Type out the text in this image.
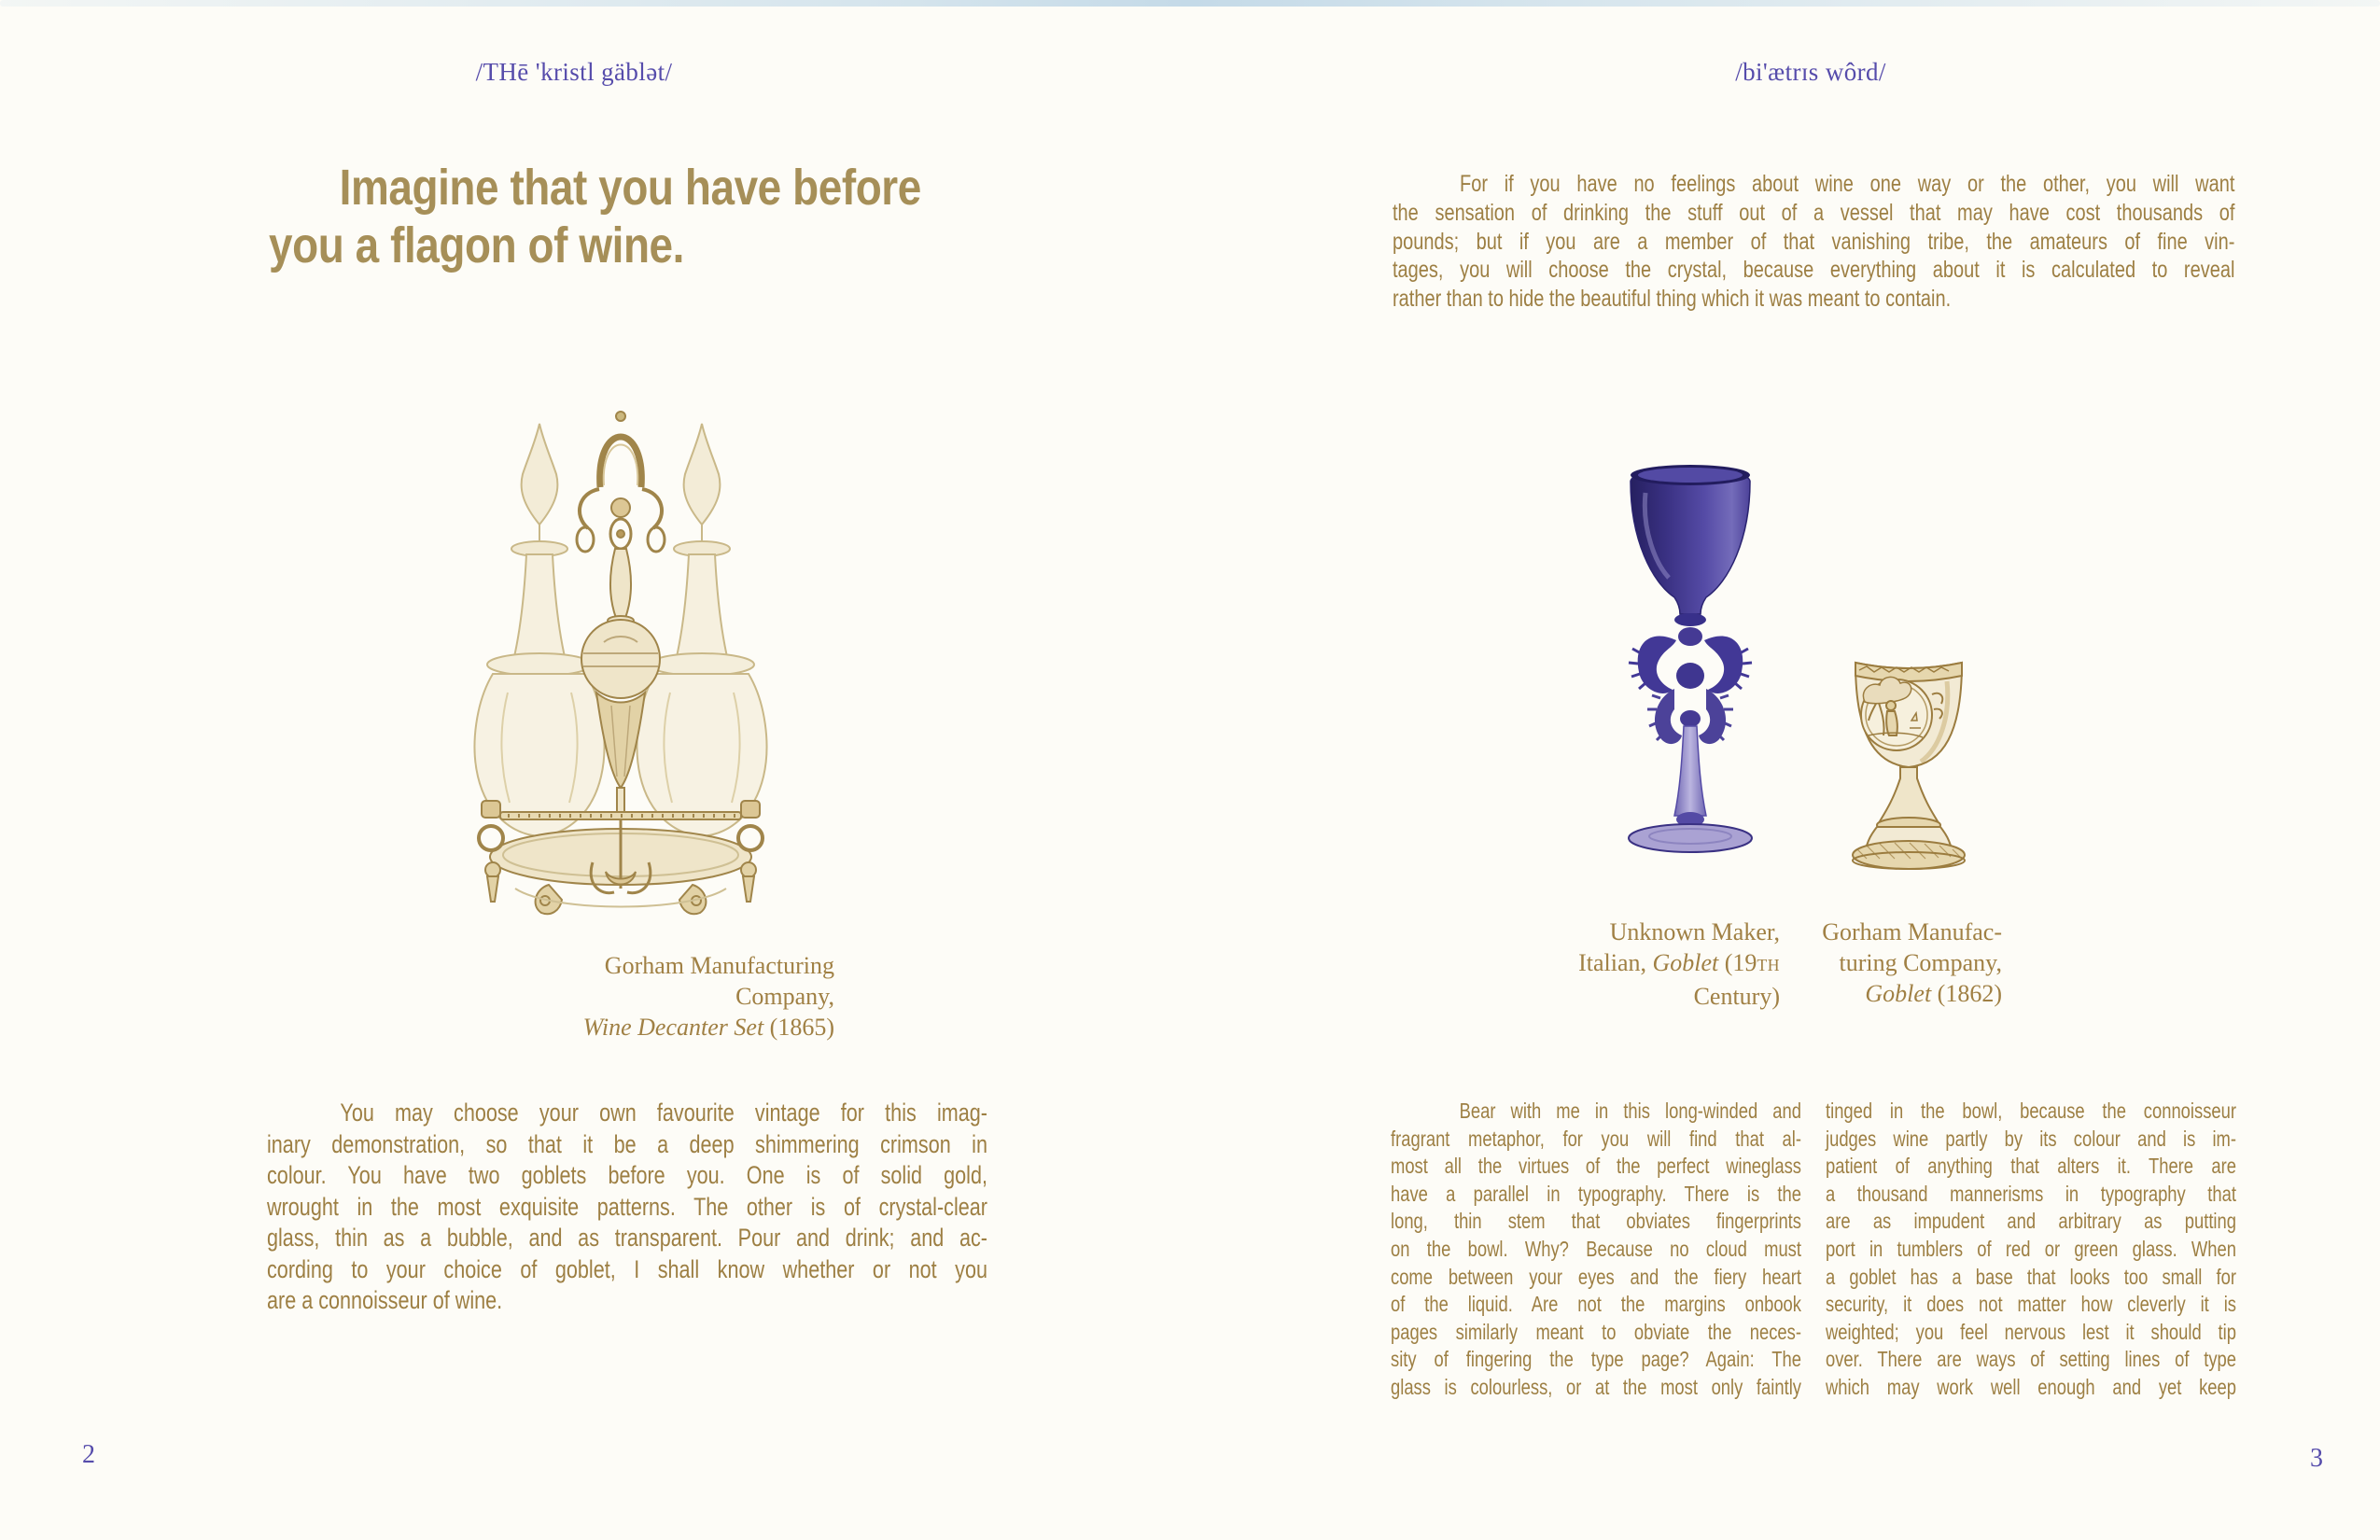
/THē 'kristl gäblət/
Imagine that you have before
you a flagon of wine.
Gorham Manufacturing Company,
Wine Decanter Set (1865)
You may choose your own favourite vintage for this imag-
inary demonstration, so that it be a deep shimmering crimson in
colour. You have two goblets before you. One is of solid gold,
wrought in the most exquisite patterns. The other is of crystal-clear
glass, thin as a bubble, and as transparent. Pour and drink; and ac-
cording to your choice of goblet, I shall know whether or not you
are a connoisseur of wine.
2
/bi'ætrɪs wôrd/
For if you have no feelings about wine one way or the other, you will want
the sensation of drinking the stuff out of a vessel that may have cost thousands of
pounds; but if you are a member of that vanishing tribe, the amateurs of fine vin-
tages, you will choose the crystal, because everything about it is calculated to reveal
rather than to hide the beautiful thing which it was meant to contain.
Unknown Maker,
Italian, Goblet (19TH
Century)
Gorham Manufac-
turing Company,
Goblet (1862)
Bear with me in this long-winded and
fragrant metaphor, for you will find that al-
most all the virtues of the perfect wineglass
have a parallel in typography. There is the
long, thin stem that obviates fingerprints
on the bowl. Why? Because no cloud must
come between your eyes and the fiery heart
of the liquid. Are not the margins onbook
pages similarly meant to obviate the neces-
sity of fingering the type page? Again: The
glass is colourless, or at the most only faintly
tinged in the bowl, because the connoisseur
judges wine partly by its colour and is im-
patient of anything that alters it. There are
a thousand mannerisms in typography that
are as impudent and arbitrary as putting
port in tumblers of red or green glass. When
a goblet has a base that looks too small for
security, it does not matter how cleverly it is
weighted; you feel nervous lest it should tip
over. There are ways of setting lines of type
which may work well enough and yet keep
3
